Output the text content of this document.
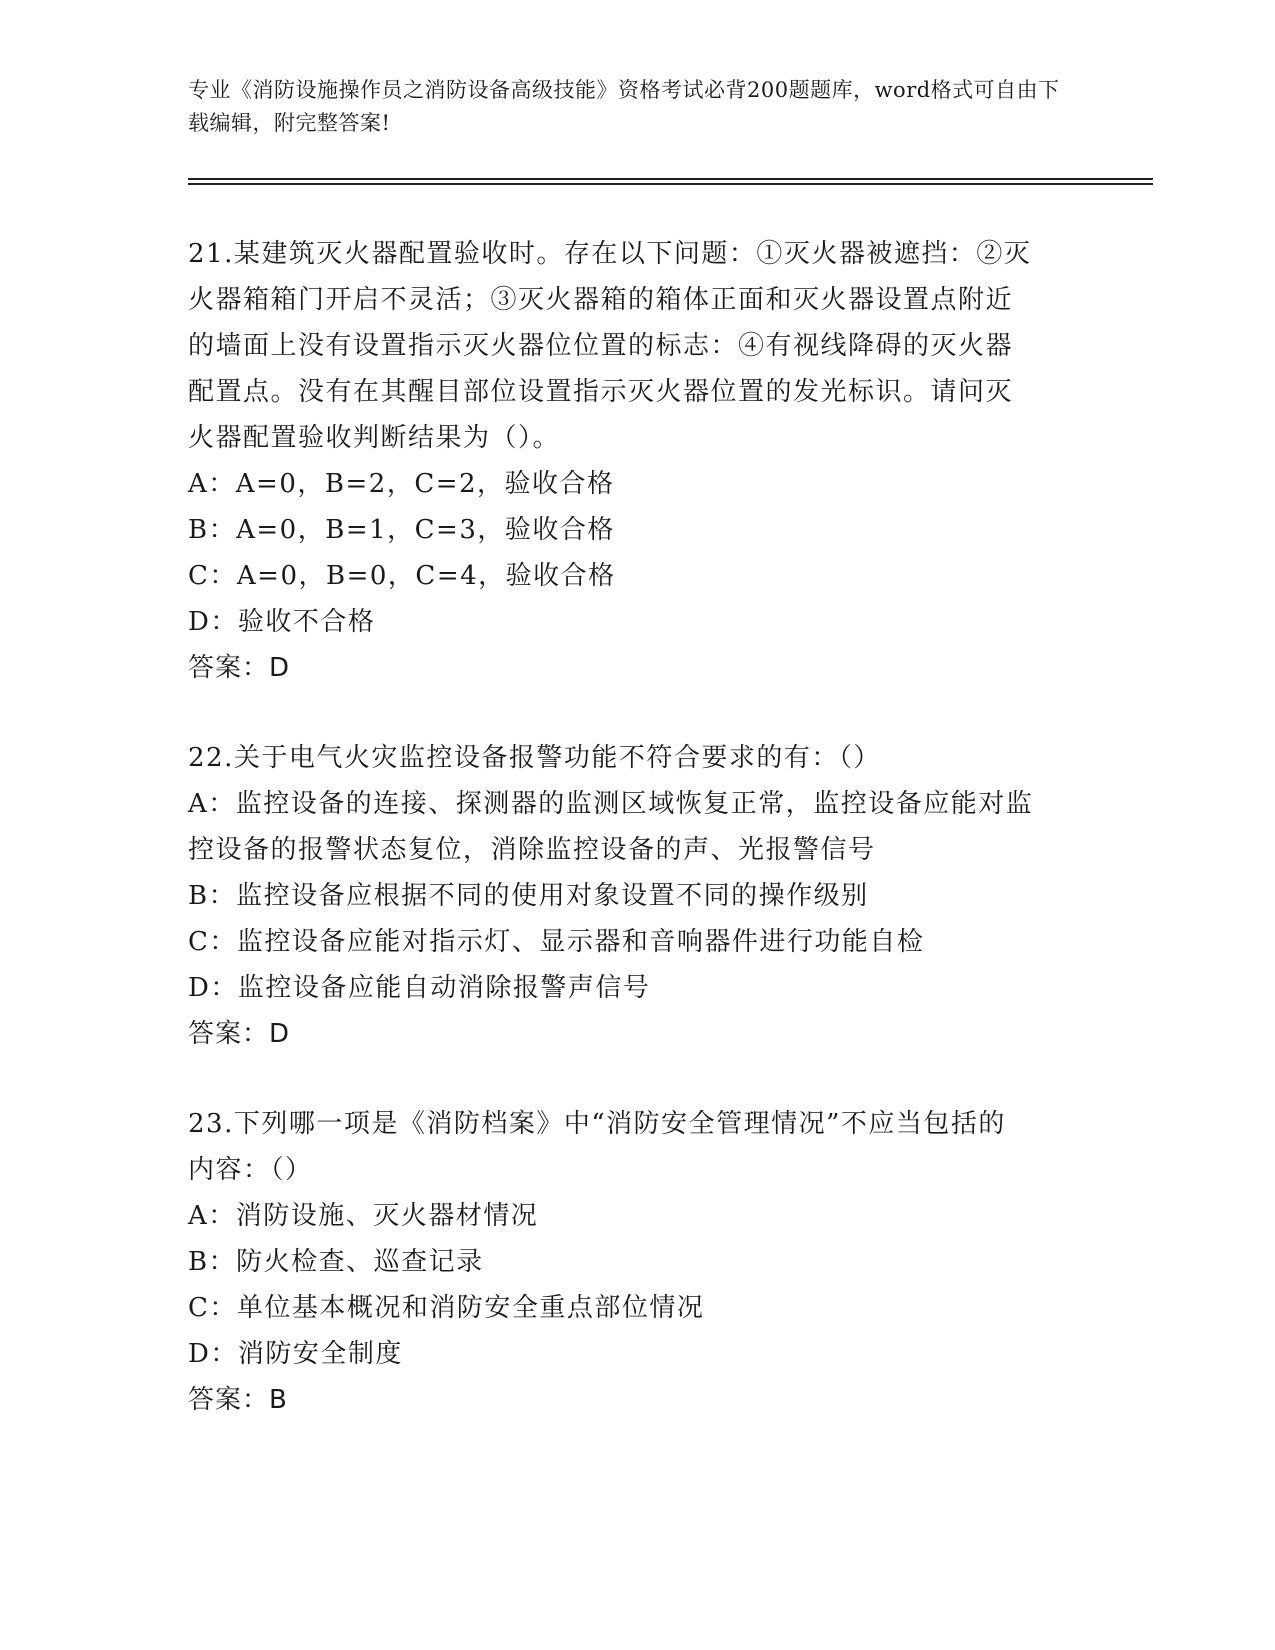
专业《消防设施操作员之消防设备高级技能》资格考试必背200题题库，word格式可自由下载编辑，附完整答案!
21.某建筑灭火器配置验收时。存在以下问题：①灭火器被遮挡：②灭
火器箱箱门开启不灵活；③灭火器箱的箱体正面和灭火器设置点附近
的墙面上没有设置指示灭火器位位置的标志：④有视线降碍的灭火器
配置点。没有在其醒目部位设置指示灭火器位置的发光标识。请问灭
火器配置验收判断结果为（）。
A：A=0，B=2，C=2，验收合格
B：A=0，B=1，C=3，验收合格
C：A=0，B=0，C=4，验收合格
D：验收不合格
答案：D
22.关于电气火灾监控设备报警功能不符合要求的有：（）
A：监控设备的连接、探测器的监测区域恢复正常，监控设备应能对监
控设备的报警状态复位，消除监控设备的声、光报警信号
B：监控设备应根据不同的使用对象设置不同的操作级别
C：监控设备应能对指示灯、显示器和音响器件进行功能自检
D：监控设备应能自动消除报警声信号
答案：D
23.下列哪一项是《消防档案》中“消防安全管理情况”不应当包括的
内容：（）
A：消防设施、灭火器材情况
B：防火检查、巡查记录
C：单位基本概况和消防安全重点部位情况
D：消防安全制度
答案：B
